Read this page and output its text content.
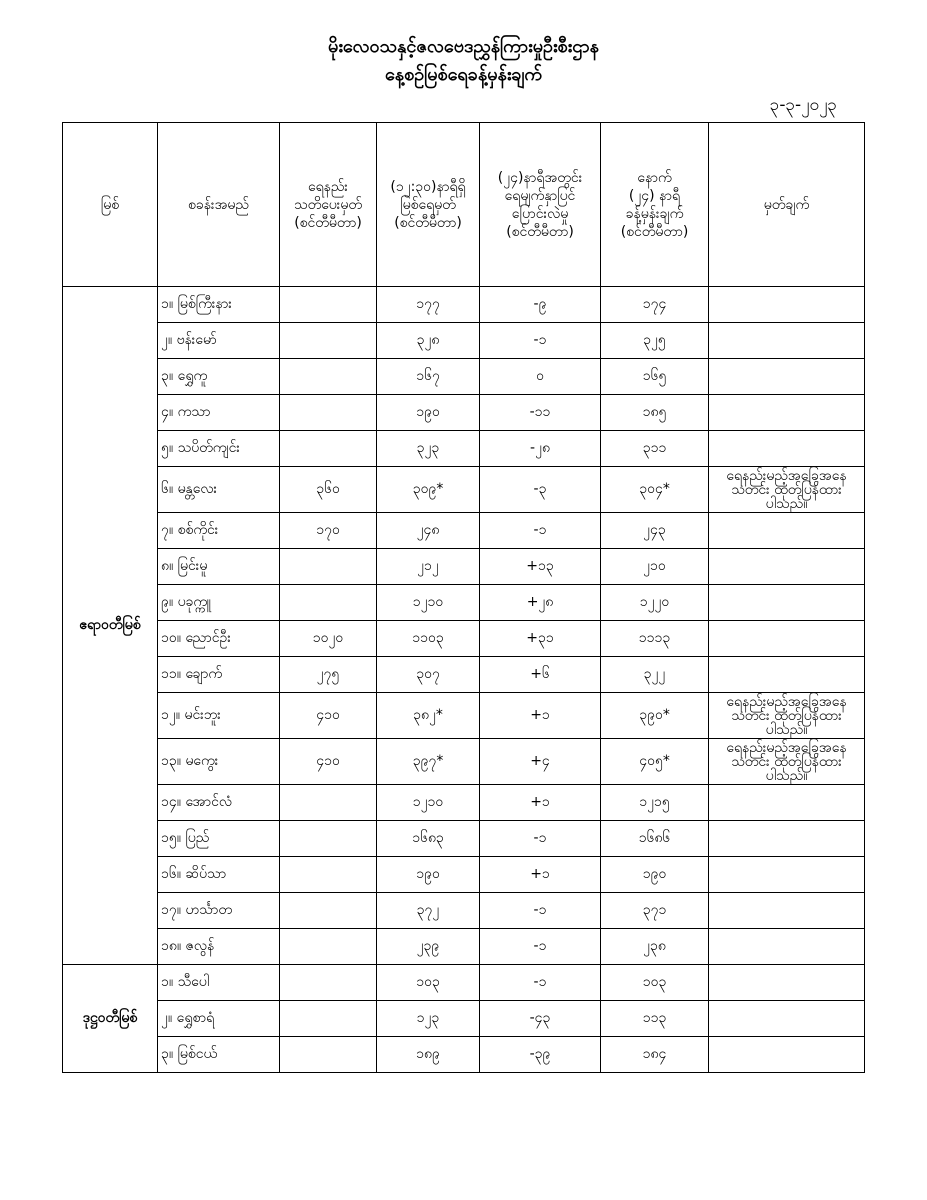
မိုးလေဝသနှင့်ဇလဗေဒညွှန်ကြားမှုဦးစီးဌာန
နေ့စဉ်မြစ်ရေခန့်မှန်းချက်
၃-၃-၂၀၂၃
မြစ်	စခန်းအမည်	ရေနည်း
သတိပေးမှတ်
(စင်တီမီတာ)	(၁၂:၃၀)နာရီရှိ
မြစ်ရေမှတ်
(စင်တီမီတာ)	(၂၄)နာရီအတွင်း
ရေမျက်နှာပြင်
ပြောင်းလဲမှု
(စင်တီမီတာ)	နောက်
(၂၄) နာရီ
ခန့်မှန်းချက်
(စင်တီမီတာ)	မှတ်ချက်
ဧရာဝတီမြစ်	၁။ မြစ်ကြီးနား		၁၇၇	-၉	၁၇၄	
	၂။ ဗန်းမော်		၃၂၈	-၁	၃၂၅	
	၃။ ရွှေကူ		၁၆၇	၀	၁၆၅	
	၄။ ကသာ		၁၉၀	-၁၁	၁၈၅	
	၅။ သပိတ်ကျင်း		၃၂၃	-၂၈	၃၁၁	
	၆။ မန္တလေး	၃၆၀	၃၀၉*	-၃	၃၀၄*	ရေနည်းမည့်အခြေအနေသတင်း ထုတ်ပြန်ထားပါသည်။
	၇။ စစ်ကိုင်း	၁၇၀	၂၄၈	-၁	၂၄၃	
	၈။ မြင်းမူ		၂၁၂	+၁၃	၂၁၀	
	၉။ ပခုက္ကူ		၁၂၁၀	+၂၈	၁၂၂၀	
	၁၀။ ညောင်ဦး	၁၀၂၀	၁၁၀၃	+၃၁	၁၁၁၃	
	၁၁။ ချောက်	၂၇၅	၃၀၇	+၆	၃၂၂	
	၁၂။ မင်းဘူး	၄၁၀	၃၈၂*	+၁	၃၉၀*	ရေနည်းမည့်အခြေအနေသတင်း ထုတ်ပြန်ထားပါသည်။
	၁၃။ မကွေး	၄၁၀	၃၉၇*	+၄	၄၀၅*	ရေနည်းမည့်အခြေအနေသတင်း ထုတ်ပြန်ထားပါသည်။
	၁၄။ အောင်လံ		၁၂၁၀	+၁	၁၂၁၅	
	၁၅။ ပြည်		၁၆၈၃	-၁	၁၆၈၆	
	၁၆။ ဆိပ်သာ		၁၉၀	+၁	၁၉၀	
	၁၇။ ဟင်္သာတ		၃၇၂	-၁	၃၇၁	
	၁၈။ ဇလွန်		၂၃၉	-၁	၂၃၈	
ဒုဋ္ဌဝတီမြစ်	၁။ သီပေါ		၁၀၃	-၁	၁၀၃	
	၂။ ရွှေစာရံ		၁၂၃	-၄၃	၁၁၃	
	၃။ မြစ်ငယ်		၁၈၉	-၃၉	၁၈၄	
